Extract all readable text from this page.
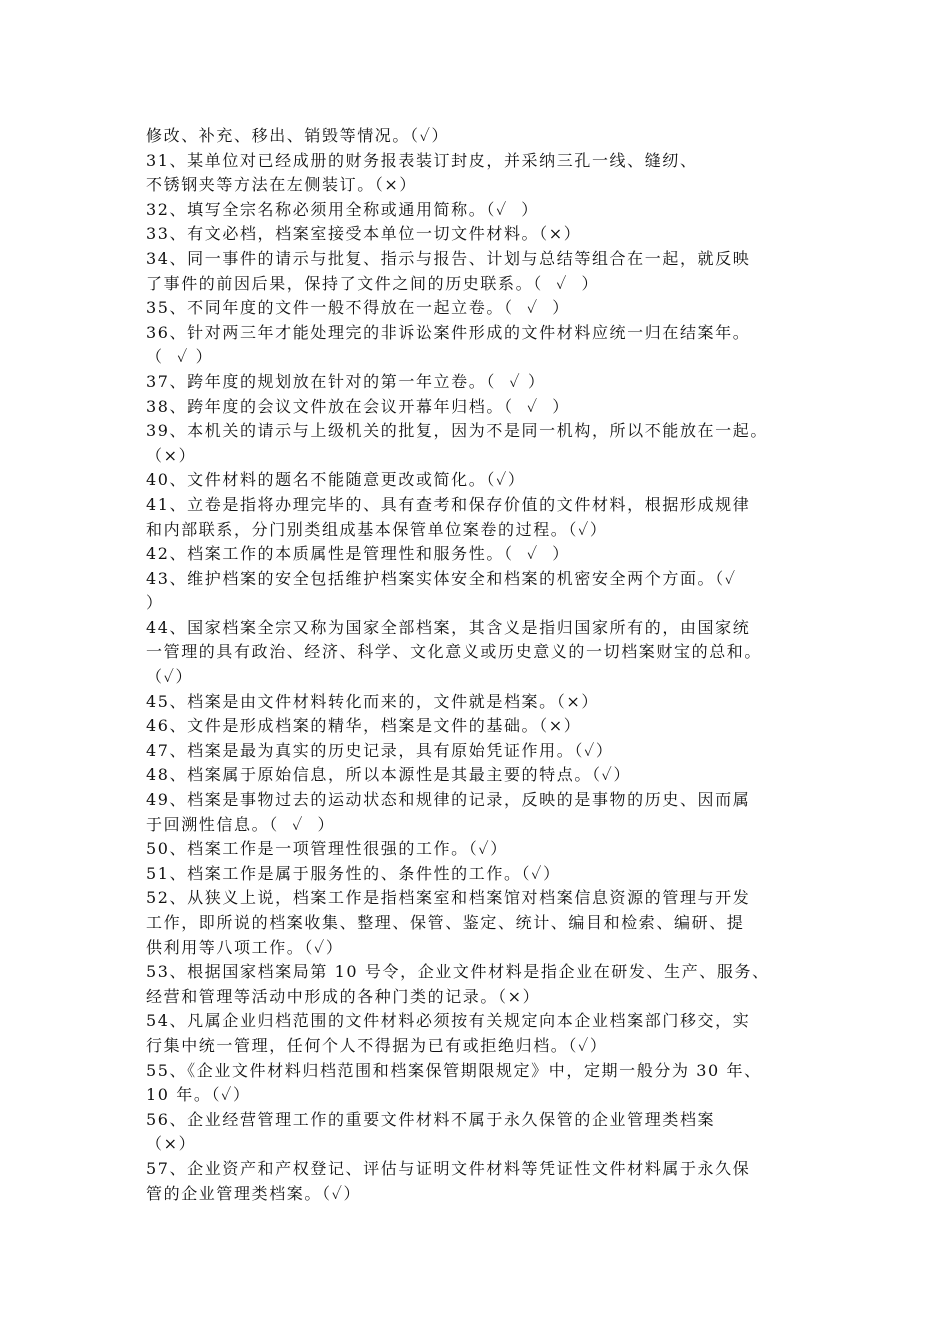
修改、补充、移出、销毁等情况。（✓）
31、某单位对已经成册的财务报表装订封皮，并采纳三孔一线、缝纫、
不锈钢夹等方法在左侧装订。（×）
32、填写全宗名称必须用全称或通用简称。（✓  ）
33、有文必档，档案室接受本单位一切文件材料。（×）
34、同一事件的请示与批复、指示与报告、计划与总结等组合在一起，就反映
了事件的前因后果，保持了文件之间的历史联系。（  ✓  ）
35、不同年度的文件一般不得放在一起立卷。（  ✓  ）
36、针对两三年才能处理完的非诉讼案件形成的文件材料应统一归在结案年。
（  ✓ ）
37、跨年度的规划放在针对的第一年立卷。（  ✓ ）
38、跨年度的会议文件放在会议开幕年归档。（  ✓  ）
39、本机关的请示与上级机关的批复，因为不是同一机构，所以不能放在一起。
（×）
40、文件材料的题名不能随意更改或简化。（✓）
41、立卷是指将办理完毕的、具有查考和保存价值的文件材料，根据形成规律
和内部联系，分门别类组成基本保管单位案卷的过程。（✓）
42、档案工作的本质属性是管理性和服务性。（  ✓  ）
43、维护档案的安全包括维护档案实体安全和档案的机密安全两个方面。（✓
）
44、国家档案全宗又称为国家全部档案，其含义是指归国家所有的，由国家统
一管理的具有政治、经济、科学、文化意义或历史意义的一切档案财宝的总和。
（✓）
45、档案是由文件材料转化而来的，文件就是档案。（×）
46、文件是形成档案的精华，档案是文件的基础。（×）
47、档案是最为真实的历史记录，具有原始凭证作用。（✓）
48、档案属于原始信息，所以本源性是其最主要的特点。（✓）
49、档案是事物过去的运动状态和规律的记录，反映的是事物的历史、因而属
于回溯性信息。（  ✓  ）
50、档案工作是一项管理性很强的工作。（✓）
51、档案工作是属于服务性的、条件性的工作。（✓）
52、从狭义上说，档案工作是指档案室和档案馆对档案信息资源的管理与开发
工作，即所说的档案收集、整理、保管、鉴定、统计、编目和检索、编研、提
供利用等八项工作。（✓）
53、根据国家档案局第 10 号令，企业文件材料是指企业在研发、生产、服务、
经营和管理等活动中形成的各种门类的记录。（×）
54、凡属企业归档范围的文件材料必须按有关规定向本企业档案部门移交，实
行集中统一管理，任何个人不得据为已有或拒绝归档。（✓）
55、《企业文件材料归档范围和档案保管期限规定》中，定期一般分为 30 年、
10 年。（✓）
56、企业经营管理工作的重要文件材料不属于永久保管的企业管理类档案
（×）
57、企业资产和产权登记、评估与证明文件材料等凭证性文件材料属于永久保
管的企业管理类档案。（✓）
